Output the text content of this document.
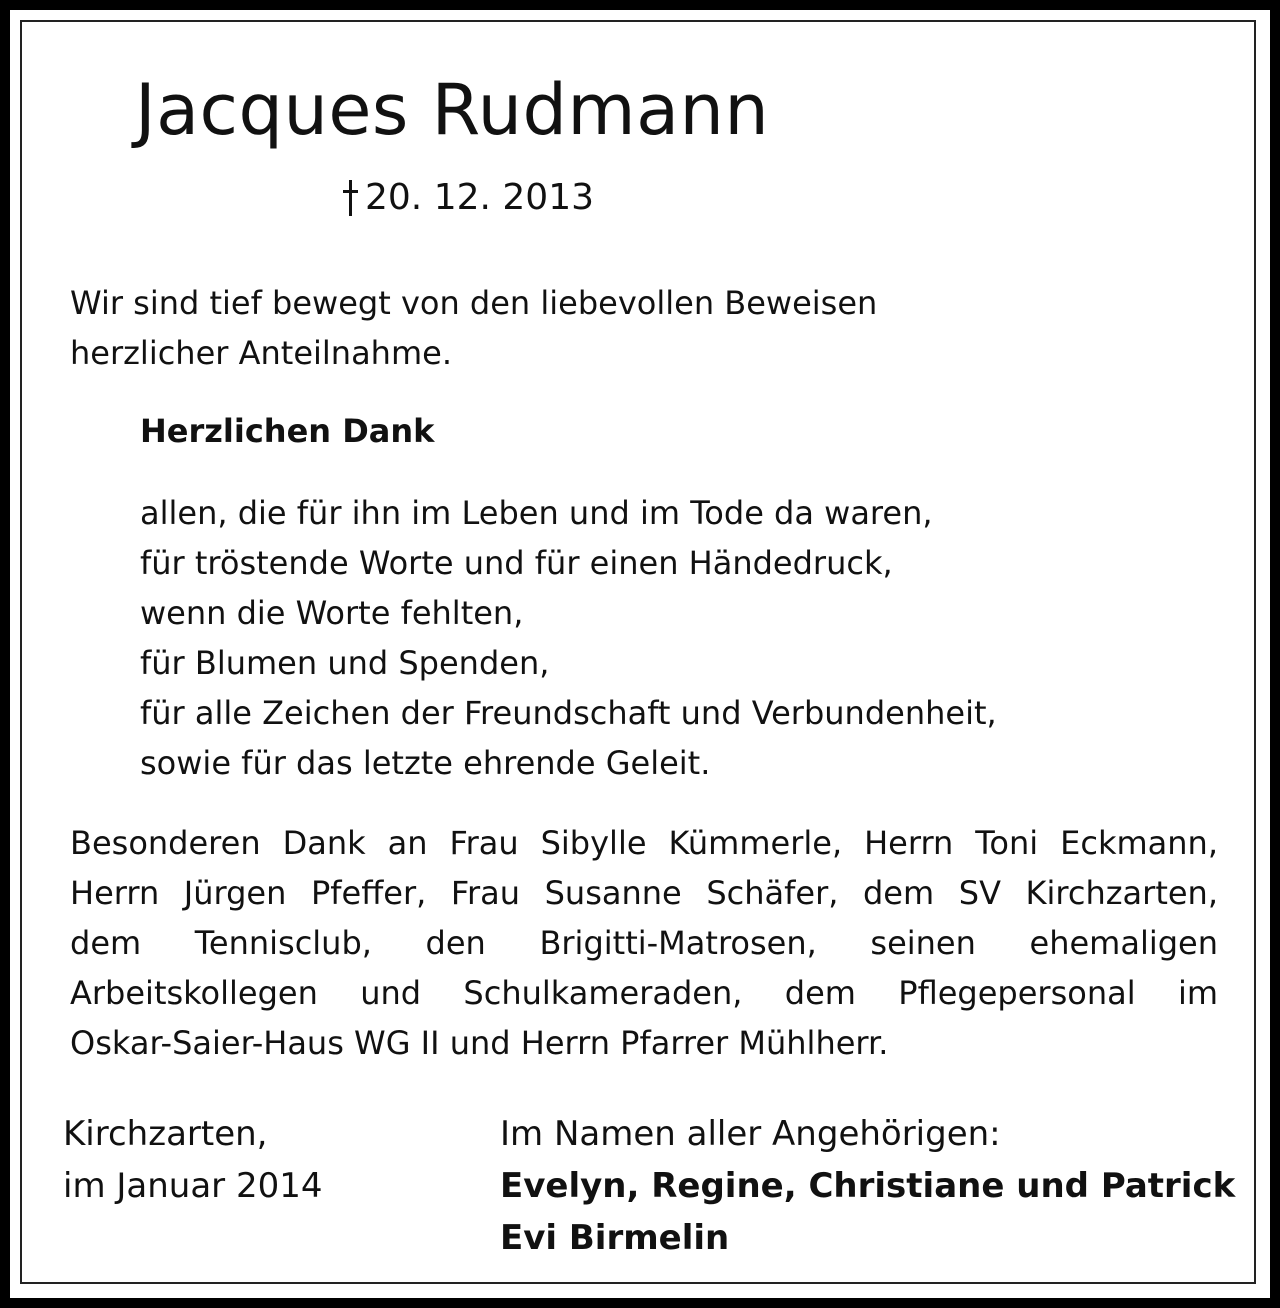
Jacques Rudmann
20. 12. 2013
Wir sind tief bewegt von den liebevollen Beweisen
herzlicher Anteilnahme.
Herzlichen Dank
allen, die für ihn im Leben und im Tode da waren,
für tröstende Worte und für einen Händedruck,
wenn die Worte fehlten,
für Blumen und Spenden,
für alle Zeichen der Freundschaft und Verbundenheit,
sowie für das letzte ehrende Geleit.
Besonderen Dank an Frau Sibylle Kümmerle, Herrn Toni Eckmann,
Herrn Jürgen Pfeffer, Frau Susanne Schäfer, dem SV Kirchzarten,
dem Tennisclub, den Brigitti-Matrosen, seinen ehemaligen
Arbeitskollegen und Schulkameraden, dem Pflegepersonal im
Oskar-Saier-Haus WG II und Herrn Pfarrer Mühlherr.
Kirchzarten,
im Januar 2014
Im Namen aller Angehörigen:
Evelyn, Regine, Christiane und Patrick
Evi Birmelin
